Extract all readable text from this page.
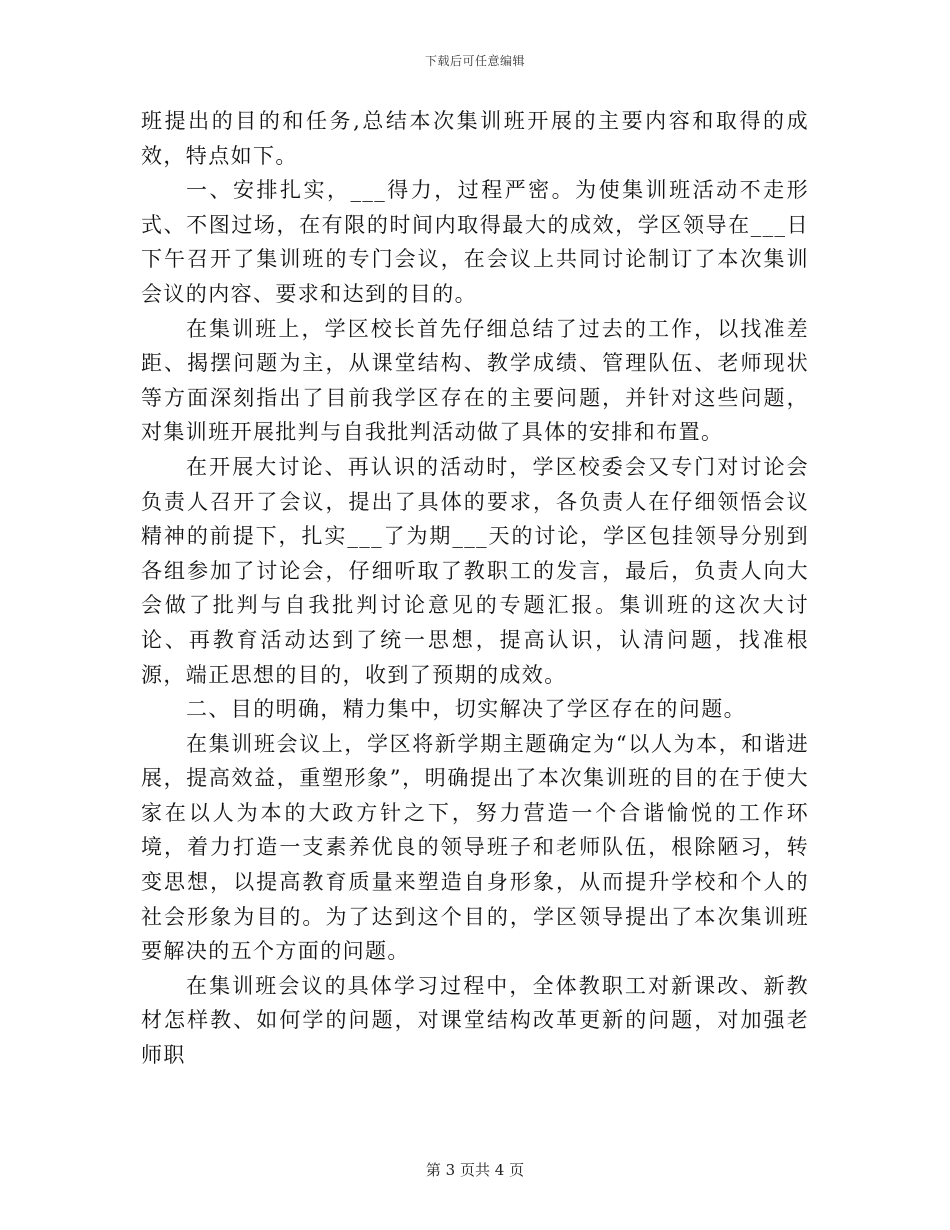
下载后可任意编辑

班提出的目的和任务,总结本次集训班开展的主要内容和取得的成效，特点如下。

一、安排扎实，___得力，过程严密。为使集训班活动不走形式、不图过场，在有限的时间内取得最大的成效，学区领导在___日下午召开了集训班的专门会议，在会议上共同讨论制订了本次集训会议的内容、要求和达到的目的。

在集训班上，学区校长首先仔细总结了过去的工作，以找准差距、揭摆问题为主，从课堂结构、教学成绩、管理队伍、老师现状等方面深刻指出了目前我学区存在的主要问题，并针对这些问题，对集训班开展批判与自我批判活动做了具体的安排和布置。

在开展大讨论、再认识的活动时，学区校委会又专门对讨论会负责人召开了会议，提出了具体的要求，各负责人在仔细领悟会议精神的前提下，扎实___了为期___天的讨论，学区包挂领导分别到各组参加了讨论会，仔细听取了教职工的发言，最后，负责人向大会做了批判与自我批判讨论意见的专题汇报。集训班的这次大讨论、再教育活动达到了统一思想，提高认识，认清问题，找准根源，端正思想的目的，收到了预期的成效。

二、目的明确，精力集中，切实解决了学区存在的问题。

在集训班会议上，学区将新学期主题确定为“以人为本，和谐进展，提高效益，重塑形象”，明确提出了本次集训班的目的在于使大家在以人为本的大政方针之下，努力营造一个合谐愉悦的工作环境，着力打造一支素养优良的领导班子和老师队伍，根除陋习，转变思想，以提高教育质量来塑造自身形象，从而提升学校和个人的社会形象为目的。为了达到这个目的，学区领导提出了本次集训班要解决的五个方面的问题。

在集训班会议的具体学习过程中，全体教职工对新课改、新教材怎样教、如何学的问题，对课堂结构改革更新的问题，对加强老师职

第 3 页共 4 页
